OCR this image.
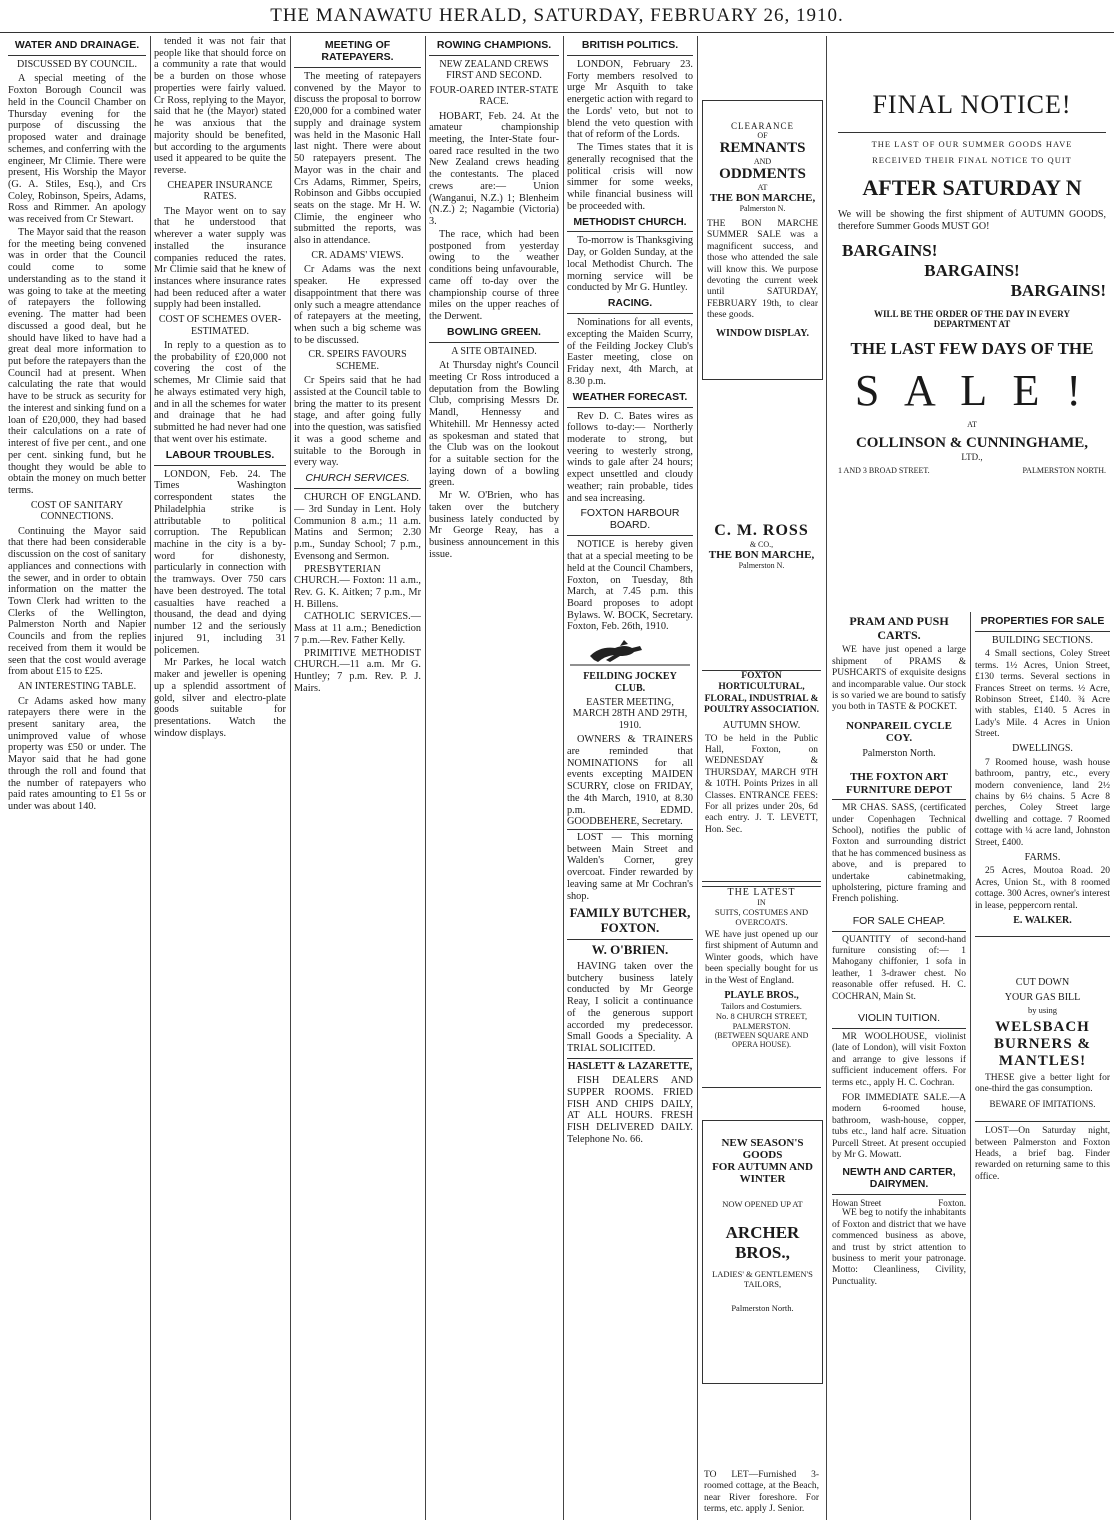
THE MANAWATU HERALD, SATURDAY, FEBRUARY 26, 1910.
WATER AND DRAINAGE.
DISCUSSED BY COUNCIL.

A special meeting of the Foxton Borough Council was held in the Council Chamber on Thursday evening for the purpose of discussing the proposed water and drainage schemes, and conferring with the engineer, Mr Climie. There were present, His Worship the Mayor (G. A. Stiles, Esq.), and Crs Coley, Robinson, Speirs, Adams, Ross and Rimmer. An apology was received from Cr Stewart.

The Mayor said that the reason for the meeting being convened was in order that the Council could come to some understanding as to the stand it was going to take at the meeting of ratepayers the following evening. The matter had been discussed a good deal, but he should have liked to have had a great deal more information to put before the ratepayers than the Council had at present. When calculating the rate that would have to be struck as security for the interest and sinking fund on a loan of £20,000, they had based their calculations on a rate of interest of five per cent., and one per cent. sinking fund, but he thought they would be able to obtain the money on much better terms.

COST OF SANITARY CONNECTIONS.

Continuing the Mayor said that there had been considerable discussion on the cost of sanitary appliances and connections with the sewer, and in order to obtain information on the matter the Town Clerk had written to the Clerks of the Wellington, Palmerston North and Napier Councils and from the replies received from them it would be seen that the cost would average from about £15 to £25.

AN INTERESTING TABLE.

Cr Adams asked how many ratepayers there were in the present sanitary area, the unimproved value of whose property was £50 or under. The Mayor said that he had gone through the roll and found that the number of ratepayers who paid rates amounting to £1 5s or under was about 140.

tended it was not fair that people like that should force on a community a rate that would be a burden on those whose properties were fairly valued. Cr Ross, replying to the Mayor, said that he (the Mayor) stated he was anxious that the majority should be benefited, but according to the arguments used it appeared to be quite the reverse.

CHEAPER INSURANCE RATES.

The Mayor went on to say that he understood that wherever a water supply was installed the insurance companies reduced the rates. Mr Climie said that he knew of instances where insurance rates had been reduced after a water supply had been installed.

COST OF SCHEMES OVER-ESTIMATED.

In reply to a question as to the probability of £20,000 not covering the cost of the schemes, Mr Climie said that he always estimated very high, and in all the schemes for water and drainage that he had submitted he had never had one that went over his estimate.

LABOUR TROUBLES.

LONDON, Feb. 24. The Times Washington correspondent states the Philadelphia strike is attributable to political corruption. The Republican machine in the city is a by-word for dishonesty, particularly in connection with the tramways. Over 750 cars have been destroyed. The total casualties have reached a thousand, the dead and dying number 12 and the seriously injured 91, including 31 policemen.

Mr Parkes, he local watch maker and jeweller is opening up a splendid assortment of gold, silver and electro-plate goods suitable for presentations. Watch the window displays.

MEETING OF RATEPAYERS.

The meeting of ratepayers convened by the Mayor to discuss the proposal to borrow £20,000 for a combined water supply and drainage system was held in the Masonic Hall last night. There were about 50 ratepayers present. The Mayor was in the chair and Crs Adams, Rimmer, Speirs, Robinson and Gibbs occupied seats on the stage. Mr H. W. Climie, the engineer who submitted the reports, was also in attendance.

CR. ADAMS' VIEWS.

Cr Adams was the next speaker. He expressed disappointment that there was only such a meagre attendance of ratepayers at the meeting, when such a big scheme was to be discussed.

CR. SPEIRS FAVOURS SCHEME.

Cr Speirs said that he had assisted at the Council table to bring the matter to its present stage, and after going fully into the question, was satisfied it was a good scheme and suitable to the Borough in every way.

CHURCH SERVICES.

CHURCH OF ENGLAND.— 3rd Sunday in Lent. Holy Communion 8 a.m.; 11 a.m. Matins and Sermon; 2.30 p.m., Sunday School; 7 p.m., Evensong and Sermon.

PRESBYTERIAN CHURCH.— Foxton: 11 a.m., Rev. G. K. Aitken; 7 p.m., Mr H. Billens.

CATHOLIC SERVICES.—Mass at 11 a.m.; Benediction 7 p.m.—Rev. Father Kelly.

PRIMITIVE METHODIST CHURCH.—11 a.m. Mr G. Huntley; 7 p.m. Rev. P. J. Mairs.

ROWING CHAMPIONS.
NEW ZEALAND CREWS FIRST AND SECOND.
FOUR-OARED INTER-STATE RACE.

HOBART, Feb. 24. At the amateur championship meeting, the Inter-State four-oared race resulted in the two New Zealand crews heading the contestants. The placed crews are:— Union (Wanganui, N.Z.) 1; Blenheim (N.Z.) 2; Nagambie (Victoria) 3.

The race, which had been postponed from yesterday owing to the weather conditions being unfavourable, came off to-day over the championship course of three miles on the upper reaches of the Derwent.

BOWLING GREEN.
A SITE OBTAINED.

At Thursday night's Council meeting Cr Ross introduced a deputation from the Bowling Club, comprising Messrs Dr. Mandl, Hennessy and Whitehill. Mr Hennessy acted as spokesman and stated that the Club was on the lookout for a suitable section for the laying down of a bowling green.

Mr W. O'Brien, who has taken over the butchery business lately conducted by Mr George Reay, has a business announcement in this issue.

BRITISH POLITICS.

LONDON, February 23. Forty members resolved to urge Mr Asquith to take energetic action with regard to the Lords' veto, but not to blend the veto question with that of reform of the Lords.

The Times states that it is generally recognised that the political crisis will now simmer for some weeks, while financial business will be proceeded with.

METHODIST CHURCH.

To-morrow is Thanksgiving Day, or Golden Sunday, at the local Methodist Church. The morning service will be conducted by Mr G. Huntley.

RACING.

Nominations for all events, excepting the Maiden Scurry, of the Feilding Jockey Club's Easter meeting, close on Friday next, 4th March, at 8.30 p.m.

WEATHER FORECAST.

Rev D. C. Bates wires as follows to-day:— Northerly moderate to strong, but veering to westerly strong, winds to gale after 24 hours; expect unsettled and cloudy weather; rain probable, tides and sea increasing.

FOXTON HARBOUR BOARD.

NOTICE is hereby given that at a special meeting to be held at the Council Chambers, Foxton, on Tuesday, 8th March, at 7.45 p.m. this Board proposes to adopt Bylaws. W. BOCK, Secretary. Foxton, Feb. 26th, 1910.

FEILDING JOCKEY CLUB.
EASTER MEETING, MARCH 28TH AND 29TH, 1910.

OWNERS & TRAINERS are reminded that NOMINATIONS for all events excepting MAIDEN SCURRY, close on FRIDAY, the 4th March, 1910, at 8.30 p.m. EDMD. GOODBEHERE, Secretary.

LOST — This morning between Main Street and Walden's Corner, grey overcoat. Finder rewarded by leaving same at Mr Cochran's shop.

FAMILY BUTCHER, FOXTON.
W. O'BRIEN.

HAVING taken over the butchery business lately conducted by Mr George Reay, I solicit a continuance of the generous support accorded my predecessor. Small Goods a Speciality. A TRIAL SOLICITED.

HASLETT & LAZARETTE,

FISH DEALERS AND SUPPER ROOMS. FRIED FISH AND CHIPS DAILY, AT ALL HOURS. FRESH FISH DELIVERED DAILY. Telephone No. 66.

CLEARANCE
OF
REMNANTS
AND
ODDMENTS
AT
THE BON MARCHE,
Palmerston N.

THE BON MARCHE SUMMER SALE was a magnificent success, and those who attended the sale will know this. We purpose devoting the current week until SATURDAY, FEBRUARY 19th, to clear these goods.

WINDOW DISPLAY.
C. M. ROSS
& CO.,
THE BON MARCHE,
Palmerston N.
FOXTON HORTICULTURAL, FLORAL, INDUSTRIAL & POULTRY ASSOCIATION.
AUTUMN SHOW.

TO be held in the Public Hall, Foxton, on WEDNESDAY & THURSDAY, MARCH 9TH & 10TH. Points Prizes in all Classes. ENTRANCE FEES: For all prizes under 20s, 6d each entry. J. T. LEVETT, Hon. Sec.

THE LATEST
IN
SUITS, COSTUMES AND
OVERCOATS.

WE have just opened up our first shipment of Autumn and Winter goods, which have been specially bought for us in the West of England.

PLAYLE BROS.,
Tailors and Costumiers.
No. 8 CHURCH STREET, PALMERSTON.
(BETWEEN SQUARE AND OPERA HOUSE).
NEW SEASON'S GOODS
FOR AUTUMN AND
WINTER
NOW OPENED UP AT
ARCHER BROS.,
LADIES' & GENTLEMEN'S
TAILORS,
Palmerston North.

TO LET—Furnished 3-roomed cottage, at the Beach, near River foreshore. For terms, etc. apply J. Senior.

FINAL NOTICE!
THE LAST OF OUR SUMMER GOODS HAVE
RECEIVED THEIR FINAL NOTICE TO QUIT
AFTER SATURDAY N

We will be showing the first shipment of AUTUMN GOODS, therefore Summer Goods MUST GO!

BARGAINS!
BARGAINS!
BARGAINS!
WILL BE THE ORDER OF THE DAY IN EVERY DEPARTMENT AT
THE LAST FEW DAYS OF THE
S A L E !
AT
COLLINSON & CUNNINGHAME,
LTD.,
1 AND 3 BROAD STREET.	PALMERSTON NORTH.
PRAM AND PUSH CARTS.

WE have just opened a large shipment of PRAMS & PUSHCARTS of exquisite designs and incomparable value. Our stock is so varied we are bound to satisfy you both in TASTE & POCKET.

NONPAREIL CYCLE COY.
Palmerston North.
THE FOXTON ART FURNITURE DEPOT

MR CHAS. SASS, (certificated under Copenhagen Technical School), notifies the public of Foxton and surrounding district that he has commenced business as above, and is prepared to undertake cabinetmaking, upholstering, picture framing and French polishing.

FOR SALE CHEAP.

QUANTITY of second-hand furniture consisting of:— 1 Mahogany chiffonier, 1 sofa in leather, 1 3-drawer chest. No reasonable offer refused. H. C. COCHRAN, Main St.

VIOLIN TUITION.

MR WOOLHOUSE, violinist (late of London), will visit Foxton and arrange to give lessons if sufficient inducement offers. For terms etc., apply H. C. Cochran.

FOR IMMEDIATE SALE.—A modern 6-roomed house, bathroom, wash-house, copper, tubs etc., land half acre. Situation Purcell Street. At present occupied by Mr G. Mowatt.

NEWTH AND CARTER, DAIRYMEN.
Howan Street	Foxton.

WE beg to notify the inhabitants of Foxton and district that we have commenced business as above, and trust by strict attention to business to merit your patronage. Motto: Cleanliness, Civility, Punctuality.

PROPERTIES FOR SALE
BUILDING SECTIONS.

4 Small sections, Coley Street terms. 1½ Acres, Union Street, £130 terms. Several sections in Frances Street on terms. ½ Acre, Robinson Street, £140. ¾ Acre with stables, £140. 5 Acres in Lady's Mile. 4 Acres in Union Street.

DWELLINGS.

7 Roomed house, wash house bathroom, pantry, etc., every modern convenience, land 2½ chains by 6½ chains. 5 Acre 8 perches, Coley Street large dwelling and cottage. 7 Roomed cottage with ¼ acre land, Johnston Street, £400.

FARMS.

25 Acres, Moutoa Road. 20 Acres, Union St., with 8 roomed cottage. 300 Acres, owner's interest in lease, peppercorn rental.

E. WALKER.
CUT DOWN
YOUR GAS BILL
by using
WELSBACH BURNERS & MANTLES!

THESE give a better light for one-third the gas consumption.

BEWARE OF IMITATIONS.

LOST—On Saturday night, between Palmerston and Foxton Heads, a brief bag. Finder rewarded on returning same to this office.
